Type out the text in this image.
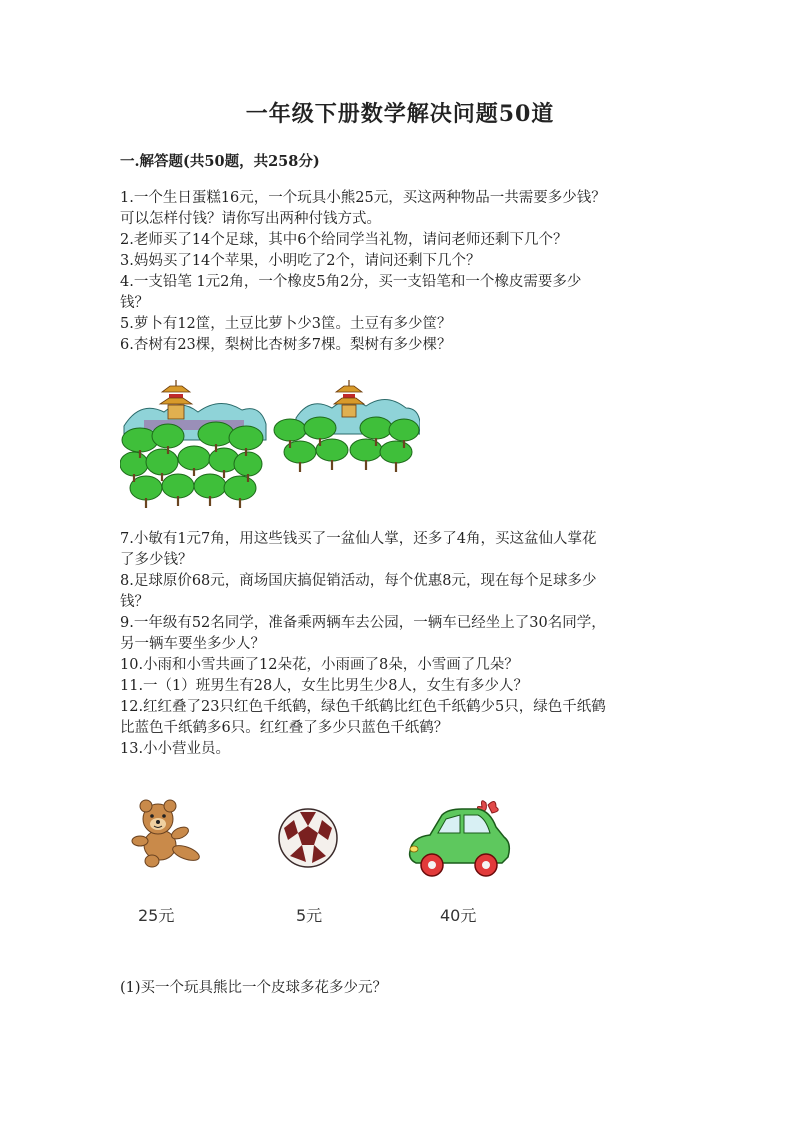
一年级下册数学解决问题50道
一.解答题(共50题，共258分)
1.一个生日蛋糕16元，一个玩具小熊25元，买这两种物品一共需要多少钱？
可以怎样付钱？请你写出两种付钱方式。
2.老师买了14个足球，其中6个给同学当礼物，请问老师还剩下几个？
3.妈妈买了14个苹果，小明吃了2个，请问还剩下几个？
4.一支铅笔 1元2角，一个橡皮5角2分，买一支铅笔和一个橡皮需要多少
钱？
5.萝卜有12筐，土豆比萝卜少3筐。土豆有多少筐？
6.杏树有23棵，梨树比杏树多7棵。梨树有多少棵？
7.小敏有1元7角，用这些钱买了一盆仙人掌，还多了4角，买这盆仙人掌花
了多少钱？
8.足球原价68元，商场国庆搞促销活动，每个优惠8元，现在每个足球多少
钱？
9.一年级有52名同学，准备乘两辆车去公园，一辆车已经坐上了30名同学，
另一辆车要坐多少人？
10.小雨和小雪共画了12朵花，小雨画了8朵，小雪画了几朵？
11.一（1）班男生有28人，女生比男生少8人，女生有多少人？
12.红红叠了23只红色千纸鹤，绿色千纸鹤比红色千纸鹤少5只，绿色千纸鹤
比蓝色千纸鹤多6只。红红叠了多少只蓝色千纸鹤？
13.小小营业员。
25元	5元	40元
(1)买一个玩具熊比一个皮球多花多少元？
